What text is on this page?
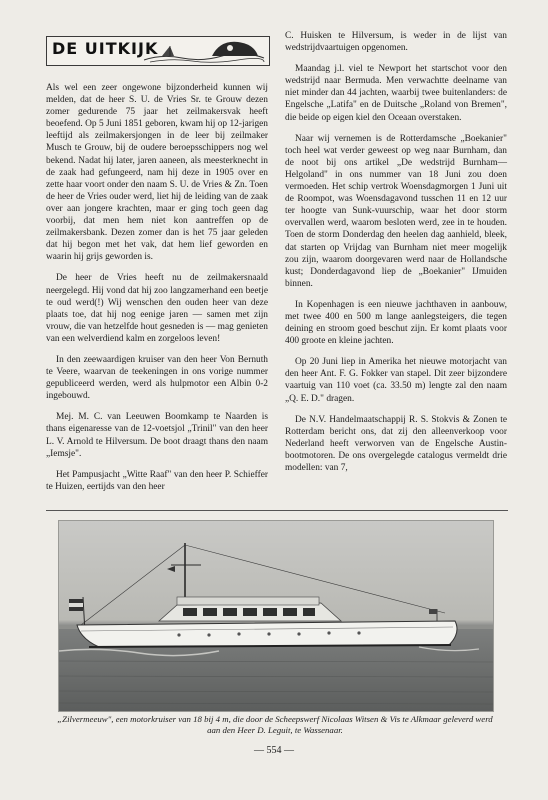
DE UITKIJK

Als wel een zeer ongewone bijzonderheid kunnen wij melden, dat de heer S. U. de Vries Sr. te Grouw dezen zomer gedurende 75 jaar het zeilmakersvak heeft beoefend. Op 5 Juni 1851 geboren, kwam hij op 12-jarigen leeftijd als zeilmakersjongen in de leer bij zeilmaker Musch te Grouw, bij de oudere beroepsschippers nog wel bekend. Nadat hij later, jaren aaneen, als meesterknecht in de zaak had gefungeerd, nam hij deze in 1905 over en zette haar voort onder den naam S. U. de Vries & Zn. Toen de heer de Vries ouder werd, liet hij de leiding van de zaak over aan jongere krachten, maar er ging toch geen dag voorbij, dat men hem niet kon aantreffen op de zeilmakersbank. Dezen zomer dan is het 75 jaar geleden dat hij begon met het vak, dat hem lief geworden en waarin hij grijs geworden is.

De heer de Vries heeft nu de zeilmakersnaald neergelegd. Hij vond dat hij zoo langzamerhand een beetje te oud werd(!) Wij wenschen den ouden heer van deze plaats toe, dat hij nog eenige jaren — samen met zijn vrouw, die van hetzelfde hout gesneden is — mag genieten van een welverdiend kalm en zorgeloos leven!

In den zeewaardigen kruiser van den heer Von Bernuth te Veere, waarvan de teekeningen in ons vorige nummer gepubliceerd werden, werd als hulpmotor een Albin 0-2 ingebouwd.

Mej. M. C. van Leeuwen Boomkamp te Naarden is thans eigenaresse van de 12-voetsjol „Trinil" van den heer L. V. Arnold te Hilversum. De boot draagt thans den naam „Iemsje".

Het Pampusjacht „Witte Raaf" van den heer P. Schieffer te Huizen, eertijds van den heer

C. Huisken te Hilversum, is weder in de lijst van wedstrijdvaartuigen opgenomen.

Maandag j.l. viel te Newport het startschot voor den wedstrijd naar Bermuda. Men verwachtte deelname van niet minder dan 44 jachten, waarbij twee buitenlanders: de Engelsche „Latifa" en de Duitsche „Roland von Bremen", die beide op eigen kiel den Oceaan overstaken.

Naar wij vernemen is de Rotterdamsche „Boekanier" toch heel wat verder geweest op weg naar Burnham, dan de noot bij ons artikel „De wedstrijd Burnham—Helgoland" in ons nummer van 18 Juni zou doen vermoeden. Het schip vertrok Woensdagmorgen 1 Juni uit de Roompot, was Woensdagavond tusschen 11 en 12 uur ter hoogte van Sunk-vuurschip, waar het door storm overvallen werd, waarom besloten werd, zee in te houden. Toen de storm Donderdag den heelen dag aanhield, bleek, dat starten op Vrijdag van Burnham niet meer mogelijk zou zijn, waarom doorgevaren werd naar de Hollandsche kust; Donderdagavond liep de „Boekanier" IJmuiden binnen.

In Kopenhagen is een nieuwe jachthaven in aanbouw, met twee 400 en 500 m lange aanlegsteigers, die tegen deining en stroom goed beschut zijn. Er komt plaats voor 400 groote en kleine jachten.

Op 20 Juni liep in Amerika het nieuwe motorjacht van den heer Ant. F. G. Fokker van stapel. Dit zeer bijzondere vaartuig van 110 voet (ca. 33.50 m) lengte zal den naam „Q. E. D." dragen.

De N.V. Handelmaatschappij R. S. Stokvis & Zonen te Rotterdam bericht ons, dat zij den alleenverkoop voor Nederland heeft verworven van de Engelsche Austin-bootmotoren. De ons overgelegde catalogus vermeldt drie modellen: van 7,

„Zilvermeeuw", een motorkruiser van 18 bij 4 m, die door de Scheepswerf Nicolaas Witsen & Vis te Alkmaar geleverd werd aan den Heer D. Leguit, te Wassenaar.
— 554 —
